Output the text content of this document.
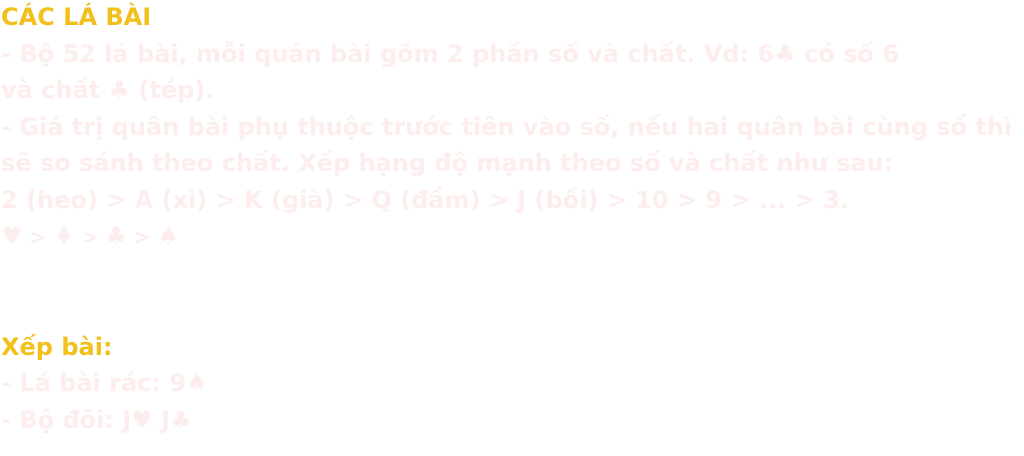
CÁC LÁ BÀI
- Bộ 52 lá bài, mỗi quân bài gồm 2 phần số và chất. Vd: 6♣ có số 6
và chất ♣ (tép).
- Giá trị quân bài phụ thuộc trước tiên vào số, nếu hai quân bài cùng số thì
sẽ so sánh theo chất. Xếp hạng độ mạnh theo số và chất như sau:
2 (heo) > A (xì) > K (già) > Q (đầm) > J (bồi) > 10 > 9 > ... > 3.
♥ > ♦ > ♣ > ♠
Xếp bài:
- Lá bài rác: 9♠
- Bộ đôi: J♥ J♣
